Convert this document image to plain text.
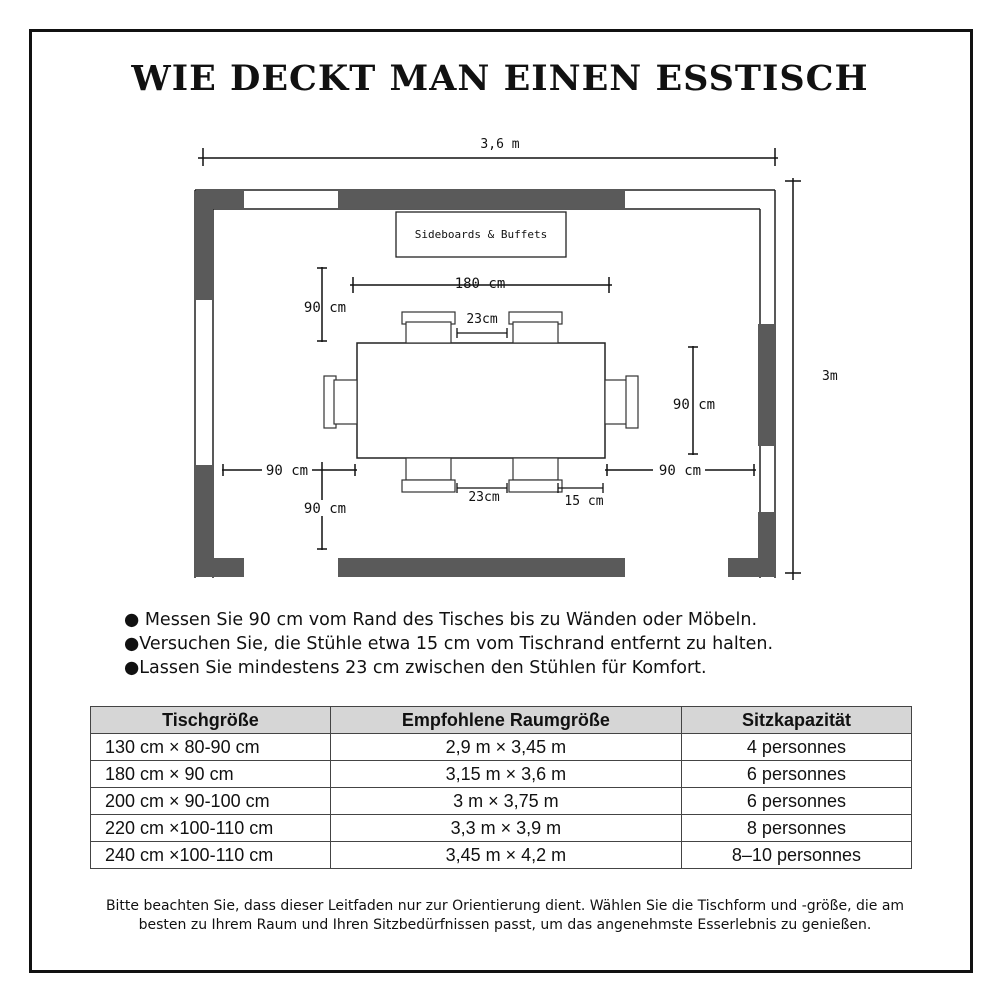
WIE DECKT MAN EINEN ESSTISCH
3,6 m
3m
Sideboards & Buffets
180 cm
90 cm
23cm
90 cm
90 cm	90 cm
90 cm
23cm	15 cm
● Messen Sie 90 cm vom Rand des Tisches bis zu Wänden oder Möbeln.
●Versuchen Sie, die Stühle etwa 15 cm vom Tischrand entfernt zu halten.
●Lassen Sie mindestens 23 cm zwischen den Stühlen für Komfort.
Tischgröße	Empfohlene Raumgröße	Sitzkapazität
130 cm × 80-90 cm	2,9 m × 3,45 m	4 personnes
180 cm × 90 cm	3,15 m × 3,6 m	6 personnes
200 cm × 90-100 cm	3 m × 3,75 m	6 personnes
220 cm ×100-110 cm	3,3 m × 3,9 m	8 personnes
240 cm ×100-110 cm	3,45 m × 4,2 m	8–10 personnes
Bitte beachten Sie, dass dieser Leitfaden nur zur Orientierung dient. Wählen Sie die Tischform und -größe, die am besten zu Ihrem Raum und Ihren Sitzbedürfnissen passt, um das angenehmste Esserlebnis zu genießen.
